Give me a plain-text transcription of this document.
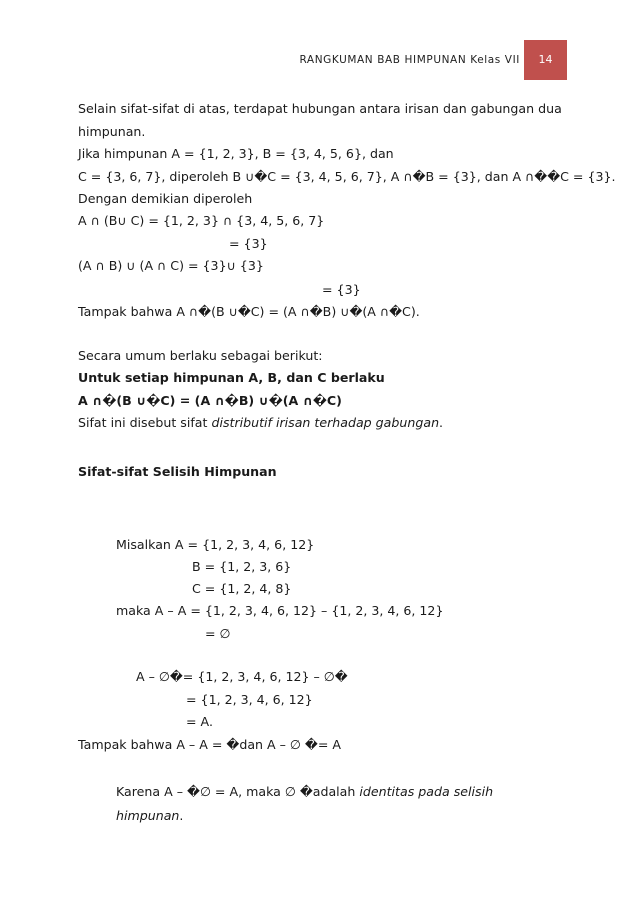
RANGKUMAN BAB HIMPUNAN Kelas VII	14
Selain sifat-sifat di atas, terdapat hubungan antara irisan dan gabungan dua
himpunan.
Jika himpunan A = {1, 2, 3}, B = {3, 4, 5, 6}, dan
C = {3, 6, 7}, diperoleh B ∪�C = {3, 4, 5, 6, 7}, A ∩�B = {3}, dan A ∩��C = {3}.
Dengan demikian diperoleh
A ∩ (B∪ C) = {1, 2, 3} ∩ {3, 4, 5, 6, 7}
= {3}
(A ∩ B) ∪ (A ∩ C) = {3}∪ {3}
= {3}
Tampak bahwa A ∩�(B ∪�C) = (A ∩�B) ∪�(A ∩�C).
Secara umum berlaku sebagai berikut:
Untuk setiap himpunan A, B, dan C berlaku
A ∩�(B ∪�C) = (A ∩�B) ∪�(A ∩�C)
Sifat ini disebut sifat distributif irisan terhadap gabungan.
Sifat-sifat Selisih Himpunan
Misalkan A = {1, 2, 3, 4, 6, 12}
B = {1, 2, 3, 6}
C = {1, 2, 4, 8}
maka A – A = {1, 2, 3, 4, 6, 12} – {1, 2, 3, 4, 6, 12}
= ∅
A – ∅�= {1, 2, 3, 4, 6, 12} – ∅�
= {1, 2, 3, 4, 6, 12}
= A.
Tampak bahwa A – A = �dan A – ∅ �= A
Karena A – �∅ = A, maka ∅ �adalah identitas pada selisih
himpunan.
